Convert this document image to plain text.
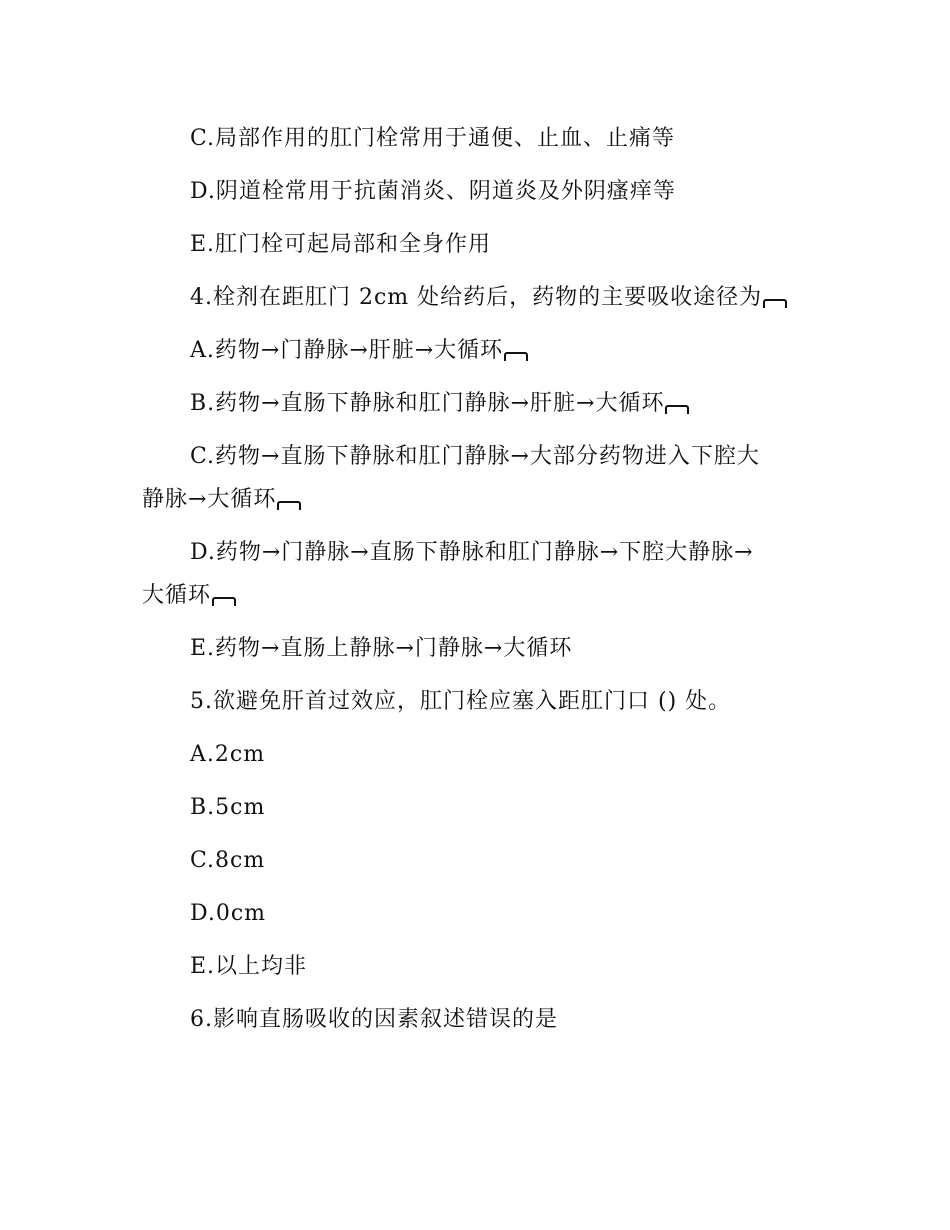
C.局部作用的肛门栓常用于通便、止血、止痛等
D.阴道栓常用于抗菌消炎、阴道炎及外阴瘙痒等
E.肛门栓可起局部和全身作用
4.栓剂在距肛门 2cm 处给药后，药物的主要吸收途径为
A.药物→门静脉→肝脏→大循环
B.药物→直肠下静脉和肛门静脉→肝脏→大循环
C.药物→直肠下静脉和肛门静脉→大部分药物进入下腔大
静脉→大循环
D.药物→门静脉→直肠下静脉和肛门静脉→下腔大静脉→
大循环
E.药物→直肠上静脉→门静脉→大循环
5.欲避免肝首过效应，肛门栓应塞入距肛门口 () 处。
A.2cm
B.5cm
C.8cm
D.0cm
E.以上均非
6.影响直肠吸收的因素叙述错误的是
